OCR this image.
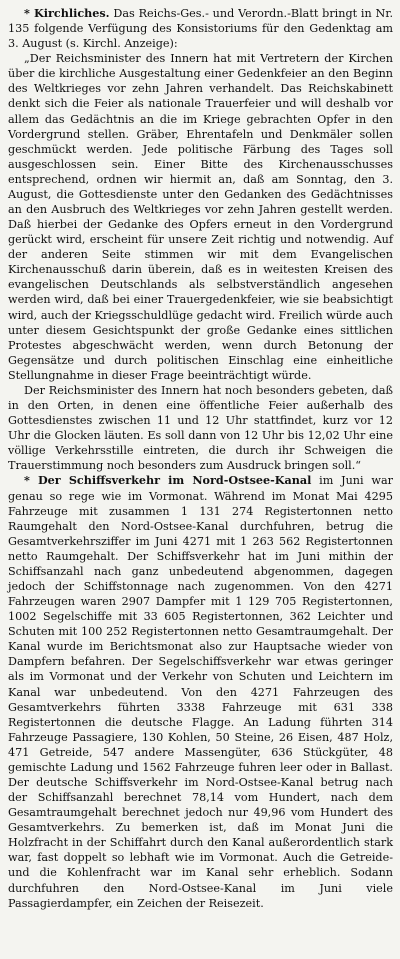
* Kirchliches. Das Reichs-Ges.- und Verordn.-Blatt bringt in Nr. 135 folgende Verfügung des Konsistoriums für den Gedenktag am 3. August (s. Kirchl. Anzeige):

„Der Reichsminister des Innern hat mit Vertretern der Kirchen über die kirchliche Ausgestaltung einer Gedenkfeier an den Beginn des Weltkrieges vor zehn Jahren verhandelt. Das Reichskabinett denkt sich die Feier als nationale Trauerfeier und will deshalb vor allem das Gedächtnis an die im Kriege gebrachten Opfer in den Vordergrund stellen. Gräber, Ehrentafeln und Denkmäler sollen geschmückt werden. Jede politische Färbung des Tages soll ausgeschlossen sein. Einer Bitte des Kirchenausschusses entsprechend, ordnen wir hiermit an, daß am Sonntag, den 3. August, die Gottesdienste unter den Gedanken des Gedächtnisses an den Ausbruch des Weltkrieges vor zehn Jahren gestellt werden. Daß hierbei der Gedanke des Opfers erneut in den Vordergrund gerückt wird, erscheint für unsere Zeit richtig und notwendig. Auf der anderen Seite stimmen wir mit dem Evangelischen Kirchenausschuß darin überein, daß es in weitesten Kreisen des evangelischen Deutschlands als selbstverständlich angesehen werden wird, daß bei einer Trauergedenkfeier, wie sie beabsichtigt wird, auch der Kriegsschuldlüge gedacht wird. Freilich würde auch unter diesem Gesichtspunkt der große Gedanke eines sittlichen Protestes abgeschwächt werden, wenn durch Betonung der Gegensätze und durch politischen Einschlag eine einheitliche Stellungnahme in dieser Frage beeinträchtigt würde.

Der Reichsminister des Innern hat noch besonders gebeten, daß in den Orten, in denen eine öffentliche Feier außerhalb des Gottesdienstes zwischen 11 und 12 Uhr stattfindet, kurz vor 12 Uhr die Glocken läuten. Es soll dann von 12 Uhr bis 12,02 Uhr eine völlige Verkehrsstille eintreten, die durch ihr Schweigen die Trauerstimmung noch besonders zum Ausdruck bringen soll.“

* Der Schiffsverkehr im Nord-Ostsee-Kanal im Juni war genau so rege wie im Vormonat. Während im Monat Mai 4295 Fahrzeuge mit zusammen 1 131 274 Registertonnen netto Raumgehalt den Nord-Ostsee-Kanal durchfuhren, betrug die Gesamtverkehrsziffer im Juni 4271 mit 1 263 562 Registertonnen netto Raumgehalt. Der Schiffsverkehr hat im Juni mithin der Schiffsanzahl nach ganz unbedeutend abgenommen, dagegen jedoch der Schiffstonnage nach zugenommen. Von den 4271 Fahrzeugen waren 2907 Dampfer mit 1 129 705 Registertonnen, 1002 Segelschiffe mit 33 605 Registertonnen, 362 Leichter und Schuten mit 100 252 Registertonnen netto Gesamtraumgehalt. Der Kanal wurde im Berichtsmonat also zur Hauptsache wieder von Dampfern befahren. Der Segelschiffsverkehr war etwas geringer als im Vormonat und der Verkehr von Schuten und Leichtern im Kanal war unbedeutend. Von den 4271 Fahrzeugen des Gesamtverkehrs führten 3338 Fahrzeuge mit 631 338 Registertonnen die deutsche Flagge. An Ladung führten 314 Fahrzeuge Passagiere, 130 Kohlen, 50 Steine, 26 Eisen, 487 Holz, 471 Getreide, 547 andere Massengüter, 636 Stückgüter, 48 gemischte Ladung und 1562 Fahrzeuge fuhren leer oder in Ballast. Der deutsche Schiffsverkehr im Nord-Ostsee-Kanal betrug nach der Schiffsanzahl berechnet 78,14 vom Hundert, nach dem Gesamtraumgehalt berechnet jedoch nur 49,96 vom Hundert des Gesamtverkehrs. Zu bemerken ist, daß im Monat Juni die Holzfracht in der Schiffahrt durch den Kanal außerordentlich stark war, fast doppelt so lebhaft wie im Vormonat. Auch die Getreide- und die Kohlenfracht war im Kanal sehr erheblich. Sodann durchfuhren den Nord-Ostsee-Kanal im Juni viele Passagierdampfer, ein Zeichen der Reisezeit.
